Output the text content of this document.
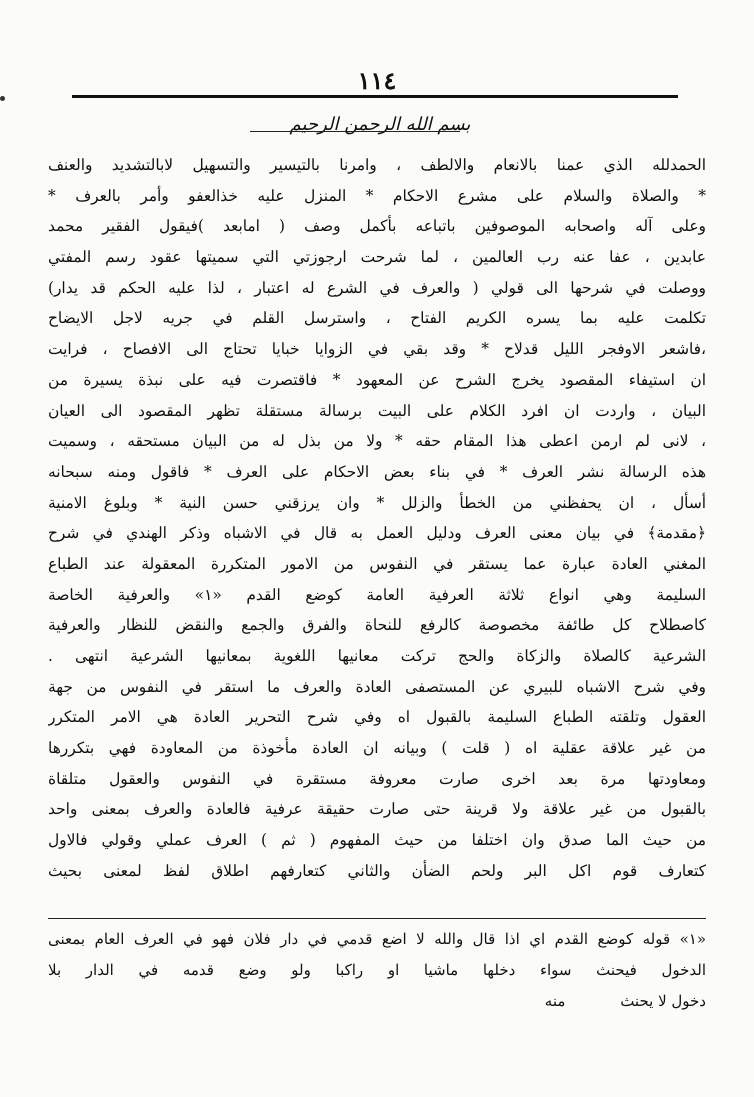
١١٤
بسم الله الرحمن الرحيم
الحمدلله الذي عمنا بالانعام والالطف ، وامرنا بالتيسير والتسهيل لابالتشديد والعنف
* والصلاة والسلام على مشرع الاحكام * المنزل عليه خذالعفو وأمر بالعرف *
وعلى آله واصحابه الموصوفين باتباعه بأكمل وصف ( امابعد )فيقول الفقير محمد
عابدين ، عفا عنه رب العالمين ، لما شرحت ارجوزتي التي سميتها عقود رسم المفتي
ووصلت في شرحها الى قولي ( والعرف في الشرع له اعتبار ، لذا عليه الحكم قد يدار)
تكلمت عليه بما يسره الكريم الفتاح ، واسترسل القلم في جريه لاجل الايضاح
،فاشعر الاوفجر الليل قدلاح * وقد بقي في الزوايا خبايا تحتاج الى الافصاح ، فرايت
ان استيفاء المقصود يخرج الشرح عن المعهود * فاقتصرت فيه على نبذة يسيرة من
البيان ، واردت ان افرد الكلام على البيت برسالة مستقلة تظهر المقصود الى العيان
، لانى لم ارمن اعطى هذا المقام حقه * ولا من بذل له من البيان مستحقه ، وسميت
هذه الرسالة نشر العرف * في بناء بعض الاحكام على العرف * فاقول ومنه سبحانه
أسأل ، ان يحفظني من الخطأ والزلل * وان يرزقني حسن النية * وبلوغ الامنية
﴿مقدمة﴾ في بيان معنى العرف ودليل العمل به قال في الاشباه وذكر الهندي في شرح
المغني العادة عبارة عما يستقر في النفوس من الامور المتكررة المعقولة عند الطباع
السليمة وهي انواع ثلاثة العرفية العامة كوضع القدم «١» والعرفية الخاصة
كاصطلاح كل طائفة مخصوصة كالرفع للنحاة والفرق والجمع والنقض للنظار والعرفية
الشرعية كالصلاة والزكاة والحج تركت معانيها اللغوية بمعانيها الشرعية انتهى .
وفي شرح الاشباه للبيري عن المستصفى العادة والعرف ما استقر في النفوس من جهة
العقول وتلقته الطباع السليمة بالقبول اه وفي شرح التحرير العادة هي الامر المتكرر
من غير علاقة عقلية اه ( قلت ) وبيانه ان العادة مأخوذة من المعاودة فهي بتكررها
ومعاودتها مرة بعد اخرى صارت معروفة مستقرة في النفوس والعقول متلقاة
بالقبول من غير علاقة ولا قرينة حتى صارت حقيقة عرفية فالعادة والعرف بمعنى واحد
من حيث الما صدق وان اختلفا من حيث المفهوم ( ثم ) العرف عملي وقولي فالاول
كتعارف قوم اكل البر ولحم الضأن والثاني كتعارفهم اطلاق لفظ لمعنى بحيث
«١» قوله كوضع القدم اي اذا قال والله لا اضع قدمي في دار فلان فهو في العرف العام بمعنى
الدخول فيحنث سواء دخلها ماشيا او راكبا ولو وضع قدمه في الدار بلا
دخول لا يحنث منه
